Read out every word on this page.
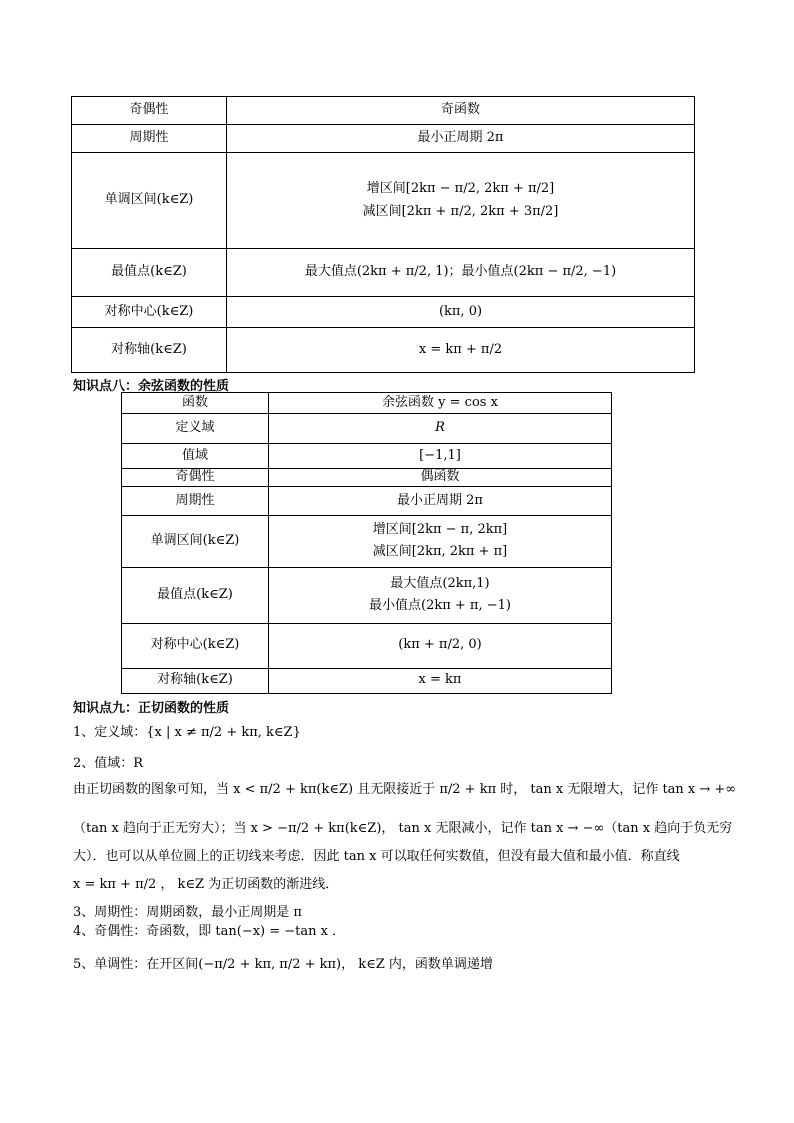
奇偶性	奇函数
周期性	最小正周期 2π
单调区间(k∈Z)	增区间[2kπ − π/2, 2kπ + π/2]
减区间[2kπ + π/2, 2kπ + 3π/2]

最值点(k∈Z)	最大值点(2kπ + π/2, 1)；最小值点(2kπ − π/2, −1)
对称中心(k∈Z)	(kπ, 0)
对称轴(k∈Z)	x = kπ + π/2
知识点八：余弦函数的性质
函数	余弦函数 y = cos x
定义域	R
值域	[−1,1]
奇偶性	偶函数
周期性	最小正周期 2π
单调区间(k∈Z)	增区间[2kπ − π, 2kπ]
减区间[2kπ, 2kπ + π]

最值点(k∈Z)	最大值点(2kπ,1)
最小值点(2kπ + π, −1)

对称中心(k∈Z)	(kπ + π/2, 0)
对称轴(k∈Z)	x = kπ
知识点九：正切函数的性质
1、定义域：{x | x ≠ π/2 + kπ, k∈Z}
2、值域：R
由正切函数的图象可知，当 x < π/2 + kπ(k∈Z) 且无限接近于 π/2 + kπ 时， tan x 无限增大，记作 tan x → +∞
（tan x 趋向于正无穷大）；当 x > −π/2 + kπ(k∈Z)， tan x 无限减小，记作 tan x → −∞（tan x 趋向于负无穷
大）．也可以从单位圆上的正切线来考虑．因此 tan x 可以取任何实数值，但没有最大值和最小值．称直线
x = kπ + π/2 ， k∈Z 为正切函数的渐进线．
3、周期性：周期函数，最小正周期是 π
4、奇偶性：奇函数，即 tan(−x) = −tan x ．
5、单调性：在开区间(−π/2 + kπ, π/2 + kπ)， k∈Z 内，函数单调递增
